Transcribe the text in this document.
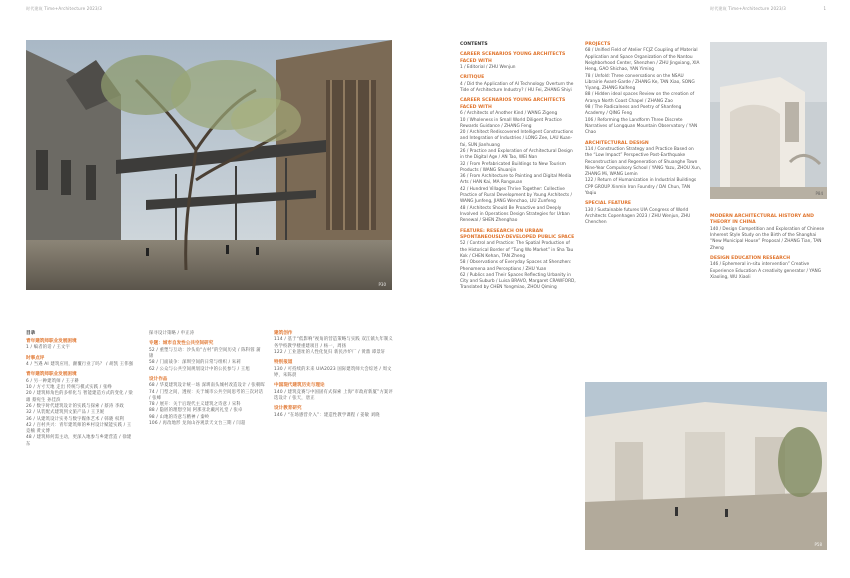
时代建筑 Time+Architecture 2023/3
P30
目录
青年建筑师职业发展困境
1 / 编者的话 / 王文宇
时事点评
4 / 当遇 AI 建筑应用，颠覆行业了吗？ / 胡凯 王伟强
青年建筑师职业发展困境
6 / 另一种建筑师 / 王子耕
10 / 方寸天地 走出 传统与模式实践 / 张峥
20 / 建筑师角色的多样化与 智能建造方式的变化 / 梁雄 蔡宛生 孙佳滨
26 / 数字时代建筑设计的实践与探索 / 蔡涛 李政
32 / 从装配式建筑到文旅产品 / 王卫妮
36 / 从建筑设计实务与数字媒体艺术 / 韩晓 权利
42 / 百村共兴：青年建筑师的乡村设计赋能实践 / 王竞楠 黄文博
48 / 建筑师何需主动，更深入地参与乡建营造 / 徐建东
探寻设计策略 / 申正涛
专题：城市自发性公共空间研究
52 / 重塑与互动：沙头角“古村”的空间历史 / 陈科蓉 蒲锦
58 / 门面战争：深圳空间的日常与组织 / 朱莉
62 / 公众与公共空间规划设计中的公民参与 / 王旭
设计作品
68 / 华夏建筑设计统一场 深圳南头城村改造设计 / 张朝晖
74 / 门型之间，透视：关于城市公共空间思考的三次对话 / 张峰
78 / 展开：关于后现代主义建筑之诗意 / 宋科
88 / 隐匿的理想空间 阿那亚北戴河礼堂 / 张卓
98 / 山地的诗意与精神 / 秦岭
106 / 再改地形 龙岗山谷观景天文台三期 / 闫超
建筑创作
114 / 基于“低影响”视角的营造策略与实践 双江镇九年制义务学校教学楼重建项目 / 杨一，周扬
122 / 工业遗址的人性化复归 新民沙炉厂 / 黄鼎 谭景轩
特别报道
130 / 可持续的未来 UIA2023 国际建筑师大会综述 / 周文婷，朱陈晨
中国现代建筑历史与理论
140 / 建筑竞赛与中国固有式探索 上海“市政府新厦”方案评选设计 / 张天，唐正
设计教育研究
146 / “在场感营介入”：建造性教学课程 / 姜敏 刘晓
时代建筑 Time+Architecture 2023/3	1
CONTENTS
CAREER SCENARIOS YOUNG ARCHITECTS FACED WITH
1 / Editorial / ZHU Wenjun
CRITIQUE
4 / Did the Application of AI Technology Overturn the Tide of Architecture Industry? / HU Fei, ZHANG Shiyi
CAREER SCENARIOS YOUNG ARCHITECTS FACED WITH
6 / Architects of Another Kind / WANG Zigeng
10 / Wholeness in Small World Diligent Practice Rewards Guidance / ZHANG Feng
20 / Architect Rediscovered Intelligent Constructions and Integration of Industries / LONG Zee, LAU Kuan-fai, SUN Jianhuang
26 / Practice and Exploration of Architectural Design in the Digital Age / AN Tao, WEI Nan
32 / From Prefabricated Buildings to New Tourism Products / WANG Shuanjin
36 / From Architecture to Painting and Digital Media Arts / HAN Kai, MA Rongxuan
42 / Hundred Villages Thrive Together: Collective Practice of Rural Development by Young Architects / WANG Junfeng, JIANG Wenchao, LIU Zunfeng
48 / Architects Should Be Proactive and Deeply Involved in Operations Design Strategies for Urban Renewal / SHEN Zhenghao
FEATURE: RESEARCH ON URBAN SPONTANEOUSLY-DEVELOPED PUBLIC SPACE
52 / Control and Practice: The Spatial Production of the Historical Border of “Tung Wo Market” in Sha Tau Kok / CHEN Kehan, TAN Zheng
58 / Observations of Everyday Spaces at Shenzhen: Phenomena and Perceptions / ZHU Yuan
62 / Publics and Their Spaces Reflecting Urbanity in City and Suburb / Luisa BRAVO, Margaret CRAWFORD, Translated by CHEN Yongmiao, ZHOU Qiming
PROJECTS
68 / Unified Field of Atelier FCJZ Coupling of Material Application and Space Organization of the Nantou Neighborhood Center, Shenzhen / ZHU Jingxiang, XIA Heng, GAO Shichao, YAN Yiming
78 / Unfold: Three conversations on the NSAU Librairie Avant-Garde / ZHANG Ke, TAN Xiao, SONG Yiyang, ZHANG Kaifeng
88 / Hidden ideal spaces Review on the creation of Aranya North Coast Chapel / ZHANG Zao
98 / The Radicalness and Poetry of Shanfeng Academy / QING Feng
106 / Reforming the Landform Three Discrete Narratives of Longquan Mountain Observatory / YAN Chao
ARCHITECTURAL DESIGN
114 / Construction Strategy and Practice Based on the “Low Impact” Perspective Post-Earthquake Reconstruction and Regeneration of Shuanghe Town Nine-Year Compulsory School / YANG Yazu, ZHOU Xun, ZHANG Mi, WANG Lemin
122 / Return of Humanization in Industrial Buildings CPP GROUP Xinmin Iron Foundry / DAI Chun, TAN Yaqiu
SPECIAL FEATURE
130 / Sustainable futures UIA Congress of World Architects Copenhagen 2023 / ZHU Wenjun, ZHU Chenchen
P84
MODERN ARCHITECTURAL HISTORY AND THEORY IN CHINA
140 / Design Competition and Exploration of Chinese Inherent Style Study on the Birth of the Shanghai “New Municipal House” Proposal / ZHANG Tian, TAN Zheng
DESIGN EDUCATION RESEARCH
146 / Ephemeral in-situ intervention” Creative Experience Education A creativity generator / YANG Xiaoling, WU Xiaoli
P58
